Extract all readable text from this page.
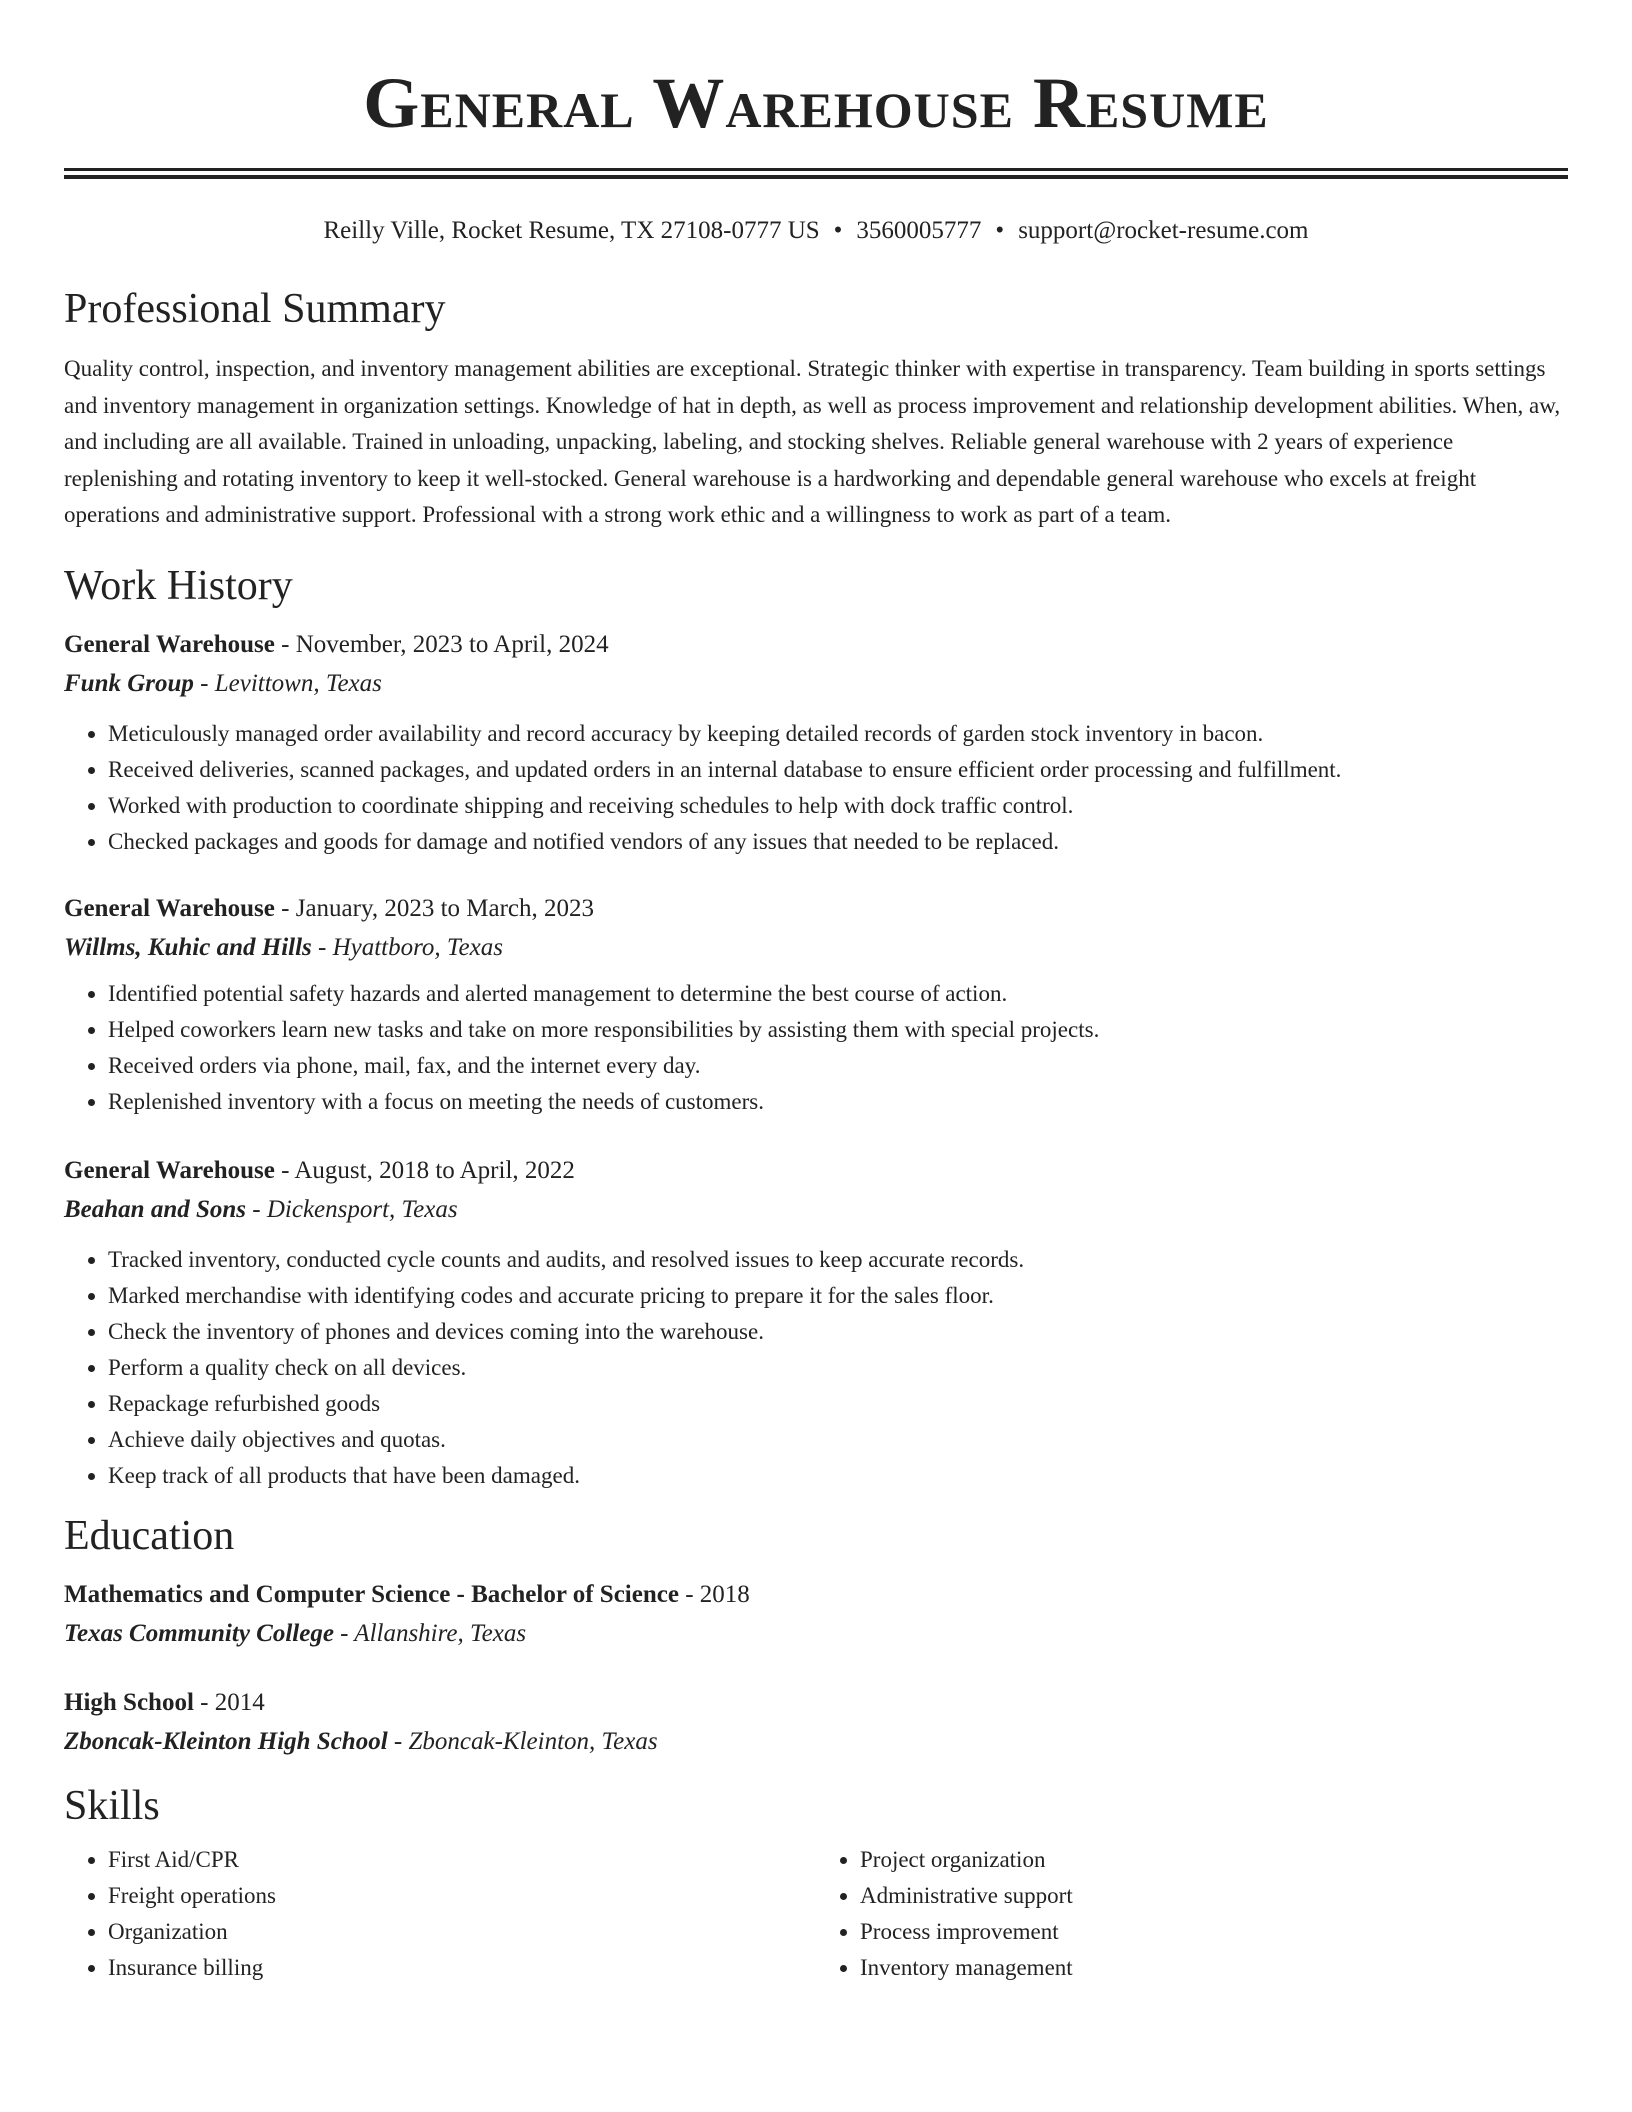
General Warehouse Resume
Reilly Ville, Rocket Resume, TX 27108-0777 US • 3560005777 • support@rocket-resume.com
Professional Summary

Quality control, inspection, and inventory management abilities are exceptional. Strategic thinker with expertise in transparency. Team building in sports settings and inventory management in organization settings. Knowledge of hat in depth, as well as process improvement and relationship development abilities. When, aw, and including are all available. Trained in unloading, unpacking, labeling, and stocking shelves. Reliable general warehouse with 2 years of experience replenishing and rotating inventory to keep it well-stocked. General warehouse is a hardworking and dependable general warehouse who excels at freight operations and administrative support. Professional with a strong work ethic and a willingness to work as part of a team.

Work History
General Warehouse - November, 2023 to April, 2024
Funk Group - Levittown, Texas
• Meticulously managed order availability and record accuracy by keeping detailed records of garden stock inventory in bacon.
• Received deliveries, scanned packages, and updated orders in an internal database to ensure efficient order processing and fulfillment.
• Worked with production to coordinate shipping and receiving schedules to help with dock traffic control.
• Checked packages and goods for damage and notified vendors of any issues that needed to be replaced.
General Warehouse - January, 2023 to March, 2023
Willms, Kuhic and Hills - Hyattboro, Texas
• Identified potential safety hazards and alerted management to determine the best course of action.
• Helped coworkers learn new tasks and take on more responsibilities by assisting them with special projects.
• Received orders via phone, mail, fax, and the internet every day.
• Replenished inventory with a focus on meeting the needs of customers.
General Warehouse - August, 2018 to April, 2022
Beahan and Sons - Dickensport, Texas
• Tracked inventory, conducted cycle counts and audits, and resolved issues to keep accurate records.
• Marked merchandise with identifying codes and accurate pricing to prepare it for the sales floor.
• Check the inventory of phones and devices coming into the warehouse.
• Perform a quality check on all devices.
• Repackage refurbished goods
• Achieve daily objectives and quotas.
• Keep track of all products that have been damaged.
Education
Mathematics and Computer Science - Bachelor of Science - 2018
Texas Community College - Allanshire, Texas
High School - 2014
Zboncak-Kleinton High School - Zboncak-Kleinton, Texas
Skills
• First Aid/CPR
• Freight operations
• Organization
• Insurance billing
• Project organization
• Administrative support
• Process improvement
• Inventory management
